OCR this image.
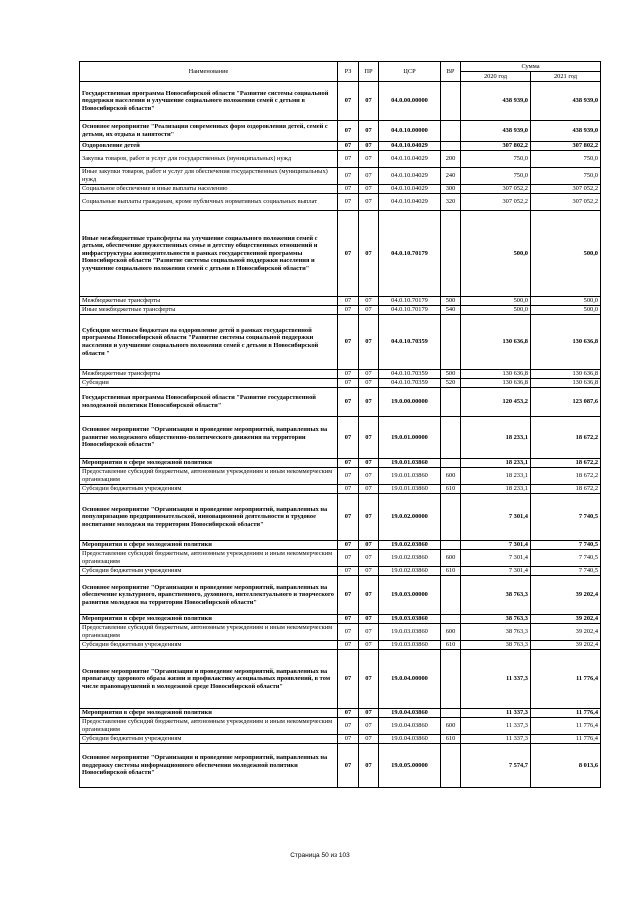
Наименование	РЗ	ПР	ЦСР	ВР	Сумма	
					2020 год	2021 год
Государственная программа Новосибирской области "Развитие системы социальной поддержки населения и улучшение социального положения семей с детьми в Новосибирской области"	07	07	04.0.00.00000		438 939,0	438 939,0
Основное мероприятие "Реализация современных форм оздоровления детей, семей с детьми, их отдыха и занятости"	07	07	04.0.10.00000		438 939,0	438 939,0
Оздоровление детей	07	07	04.0.10.04029		307 802,2	307 802,2
Закупка товаров, работ и услуг для государственных (муниципальных) нужд	07	07	04.0.10.04029	200	750,0	750,0
Иные закупки товаров, работ и услуг для обеспечения государственных (муниципальных) нужд	07	07	04.0.10.04029	240	750,0	750,0
Социальное обеспечение и иные выплаты населению	07	07	04.0.10.04029	300	307 052,2	307 052,2
Социальные выплаты гражданам, кроме публичных нормативных социальных выплат	07	07	04.0.10.04029	320	307 052,2	307 052,2
Иные межбюджетные трансферты на улучшение социального положения семей с детьми, обеспечение дружественных семье и детству общественных отношений и инфраструктуры жизнедеятельности в рамках государственной программы Новосибирской области "Развитие системы социальной поддержки населения и улучшение социального положения семей с детьми в Новосибирской области"	07	07	04.0.10.70179		500,0	500,0
Межбюджетные трансферты	07	07	04.0.10.70179	500	500,0	500,0
Иные межбюджетные трансферты	07	07	04.0.10.70179	540	500,0	500,0
Субсидии местным бюджетам на оздоровление детей в рамках государственной программы Новосибирской области "Развитие системы социальной поддержки населения и улучшение социального положения семей с детьми в Новосибирской области "	07	07	04.0.10.70359		130 636,8	130 636,8
Межбюджетные трансферты	07	07	04.0.10.70359	500	130 636,8	130 636,8
Субсидии	07	07	04.0.10.70359	520	130 636,8	130 636,8
Государственная программа Новосибирской области "Развитие государственной молодежной политики Новосибирской области"	07	07	19.0.00.00000		120 453,2	123 087,6
Основное мероприятие "Организация и проведение мероприятий, направленных на развитие молодежного общественно-политического движения на территории Новосибирской области"	07	07	19.0.01.00000		18 233,1	18 672,2
Мероприятия в сфере молодежной политики	07	07	19.0.01.03860		18 233,1	18 672,2
Предоставление субсидий бюджетным, автономным учреждениям и иным некоммерческим организациям	07	07	19.0.01.03860	600	18 233,1	18 672,2
Субсидии бюджетным учреждениям	07	07	19.0.01.03860	610	18 233,1	18 672,2
Основное мероприятие "Организация и проведение мероприятий, направленных на популяризацию предпринимательской, инновационной деятельности и трудовое воспитание молодежи на территории Новосибирской области"	07	07	19.0.02.00000		7 301,4	7 740,5
Мероприятия в сфере молодежной политики	07	07	19.0.02.03860		7 301,4	7 740,5
Предоставление субсидий бюджетным, автономным учреждениям и иным некоммерческим организациям	07	07	19.0.02.03860	600	7 301,4	7 740,5
Субсидии бюджетным учреждениям	07	07	19.0.02.03860	610	7 301,4	7 740,5
Основное мероприятие "Организация и проведение мероприятий, направленных на обеспечение культурного, нравственного, духовного, интеллектуального и творческого развития молодежи на территории Новосибирской области"	07	07	19.0.03.00000		38 763,3	39 202,4
Мероприятия в сфере молодежной политики	07	07	19.0.03.03860		38 763,3	39 202,4
Предоставление субсидий бюджетным, автономным учреждениям и иным некоммерческим организациям	07	07	19.0.03.03860	600	38 763,3	39 202,4
Субсидии бюджетным учреждениям	07	07	19.0.03.03860	610	38 763,3	39 202,4
Основное мероприятие "Организация и проведение мероприятий, направленных на пропаганду здорового образа жизни и профилактику асоциальных проявлений, в том числе правонарушений в молодежной среде Новосибирской области"	07	07	19.0.04.00000		11 337,3	11 776,4
Мероприятия в сфере молодежной политики	07	07	19.0.04.03860		11 337,3	11 776,4
Предоставление субсидий бюджетным, автономным учреждениям и иным некоммерческим организациям	07	07	19.0.04.03860	600	11 337,3	11 776,4
Субсидии бюджетным учреждениям	07	07	19.0.04.03860	610	11 337,3	11 776,4
Основное мероприятие "Организация и проведение мероприятий, направленных на поддержку системы информационного обеспечения молодежной политики Новосибирской области"	07	07	19.0.05.00000		7 574,7	8 013,6
Страница 50 из 103
